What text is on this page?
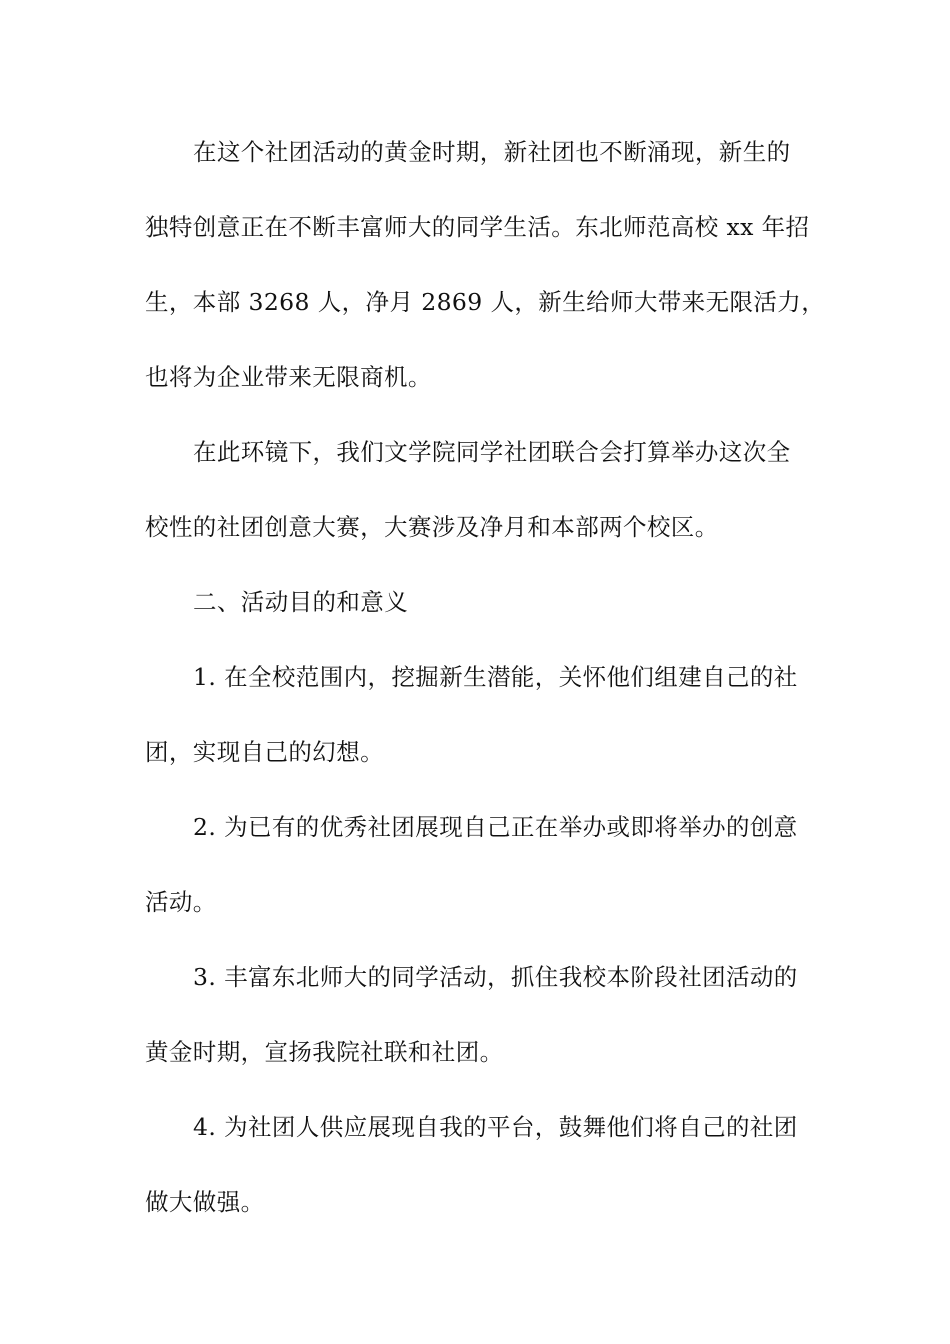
在这个社团活动的黄金时期，新社团也不断涌现，新生的
独特创意正在不断丰富师大的同学生活。东北师范高校 xx 年招
生，本部 3268 人，净月 2869 人，新生给师大带来无限活力，
也将为企业带来无限商机。
在此环镜下，我们文学院同学社团联合会打算举办这次全
校性的社团创意大赛，大赛涉及净月和本部两个校区。
二、活动目的和意义
1. 在全校范围内，挖掘新生潜能，关怀他们组建自己的社
团，实现自己的幻想。
2. 为已有的优秀社团展现自己正在举办或即将举办的创意
活动。
3. 丰富东北师大的同学活动，抓住我校本阶段社团活动的
黄金时期，宣扬我院社联和社团。
4. 为社团人供应展现自我的平台，鼓舞他们将自己的社团
做大做强。
